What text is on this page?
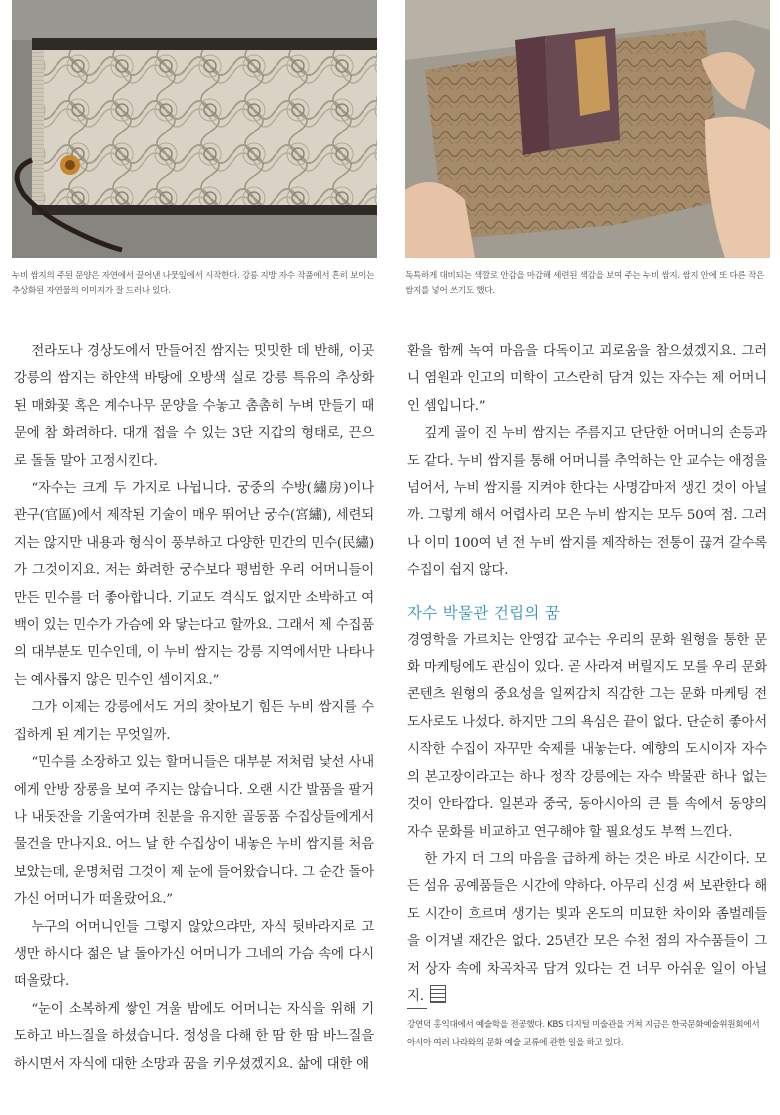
누비 쌈지의 주된 문양은 자연에서 끌어낸 나뭇잎에서 시작한다. 강릉 지방 자수 작품에서 흔히 보이는 추상화된 자연물의 이미지가 잘 드러나 있다.

독특하게 대비되는 색깔로 안감을 마감해 세련된 색감을 보여 주는 누비 쌈지. 쌈지 안에 또 다른 작은 쌈지를 넣어 쓰기도 했다.

전라도나 경상도에서 만들어진 쌈지는 밋밋한 데 반해, 이곳 강릉의 쌈지는 하얀색 바탕에 오방색 실로 강릉 특유의 추상화된 매화꽃 혹은 계수나무 문양을 수놓고 촘촘히 누벼 만들기 때문에 참 화려하다. 대개 접을 수 있는 3단 지갑의 형태로, 끈으로 돌돌 말아 고정시킨다.

“자수는 크게 두 가지로 나뉩니다. 궁중의 수방(繡房)이나 관구(官區)에서 제작된 기술이 매우 뛰어난 궁수(宮繡), 세련되지는 않지만 내용과 형식이 풍부하고 다양한 민간의 민수(民繡)가 그것이지요. 저는 화려한 궁수보다 평범한 우리 어머니들이 만든 민수를 더 좋아합니다. 기교도 격식도 없지만 소박하고 여백이 있는 민수가 가슴에 와 닿는다고 할까요. 그래서 제 수집품의 대부분도 민수인데, 이 누비 쌈지는 강릉 지역에서만 나타나는 예사롭지 않은 민수인 셈이지요.”

그가 이제는 강릉에서도 거의 찾아보기 힘든 누비 쌈지를 수집하게 된 계기는 무엇일까.

“민수를 소장하고 있는 할머니들은 대부분 저처럼 낯선 사내에게 안방 장롱을 보여 주지는 않습니다. 오랜 시간 발품을 팔거나 내돗잔을 기울여가며 친분을 유지한 골동품 수집상들에게서 물건을 만나지요. 어느 날 한 수집상이 내놓은 누비 쌈지를 처음 보았는데, 운명처럼 그것이 제 눈에 들어왔습니다. 그 순간 돌아가신 어머니가 떠올랐어요.”

누구의 어머니인들 그렇지 않았으랴만, 자식 뒷바라지로 고생만 하시다 젊은 날 돌아가신 어머니가 그네의 가슴 속에 다시 떠올랐다.

“눈이 소복하게 쌓인 겨울 밤에도 어머니는 자식을 위해 기도하고 바느질을 하셨습니다. 정성을 다해 한 땀 한 땀 바느질을 하시면서 자식에 대한 소망과 꿈을 키우셨겠지요. 삶에 대한 애

환을 함께 녹여 마음을 다독이고 괴로움을 참으셨겠지요. 그러니 염원과 인고의 미학이 고스란히 담겨 있는 자수는 제 어머니인 셈입니다.”

깊게 골이 진 누비 쌈지는 주름지고 단단한 어머니의 손등과도 같다. 누비 쌈지를 통해 어머니를 추억하는 안 교수는 애정을 넘어서, 누비 쌈지를 지켜야 한다는 사명감마저 생긴 것이 아닐까. 그렇게 해서 어렵사리 모은 누비 쌈지는 모두 50여 점. 그러나 이미 100여 년 전 누비 쌈지를 제작하는 전통이 끊겨 갈수록 수집이 쉽지 않다.

자수 박물관 건립의 꿈

경영학을 가르치는 안영갑 교수는 우리의 문화 원형을 통한 문화 마케팅에도 관심이 있다. 곧 사라져 버릴지도 모를 우리 문화 콘텐츠 원형의 중요성을 일찌감치 직감한 그는 문화 마케팅 전도사로도 나섰다. 하지만 그의 욕심은 끝이 없다. 단순히 좋아서 시작한 수집이 자꾸만 숙제를 내놓는다. 예향의 도시이자 자수의 본고장이라고는 하나 정작 강릉에는 자수 박물관 하나 없는 것이 안타깝다. 일본과 중국, 동아시아의 큰 틀 속에서 동양의 자수 문화를 비교하고 연구해야 할 필요성도 부쩍 느낀다.

한 가지 더 그의 마음을 급하게 하는 것은 바로 시간이다. 모든 섬유 공예품들은 시간에 약하다. 아무리 신경 써 보관한다 해도 시간이 흐르며 생기는 빛과 온도의 미묘한 차이와 좀벌레들을 이겨낼 재간은 없다. 25년간 모은 수천 점의 자수품들이 그저 상자 속에 차곡차곡 담겨 있다는 건 너무 아쉬운 일이 아닐지.

강연덕 홍익대에서 예술학을 전공했다. KBS 디지털 미술관을 거쳐 지금은 한국문화예술위원회에서 아시아 여러 나라와의 문화 예술 교류에 관한 일을 하고 있다.
